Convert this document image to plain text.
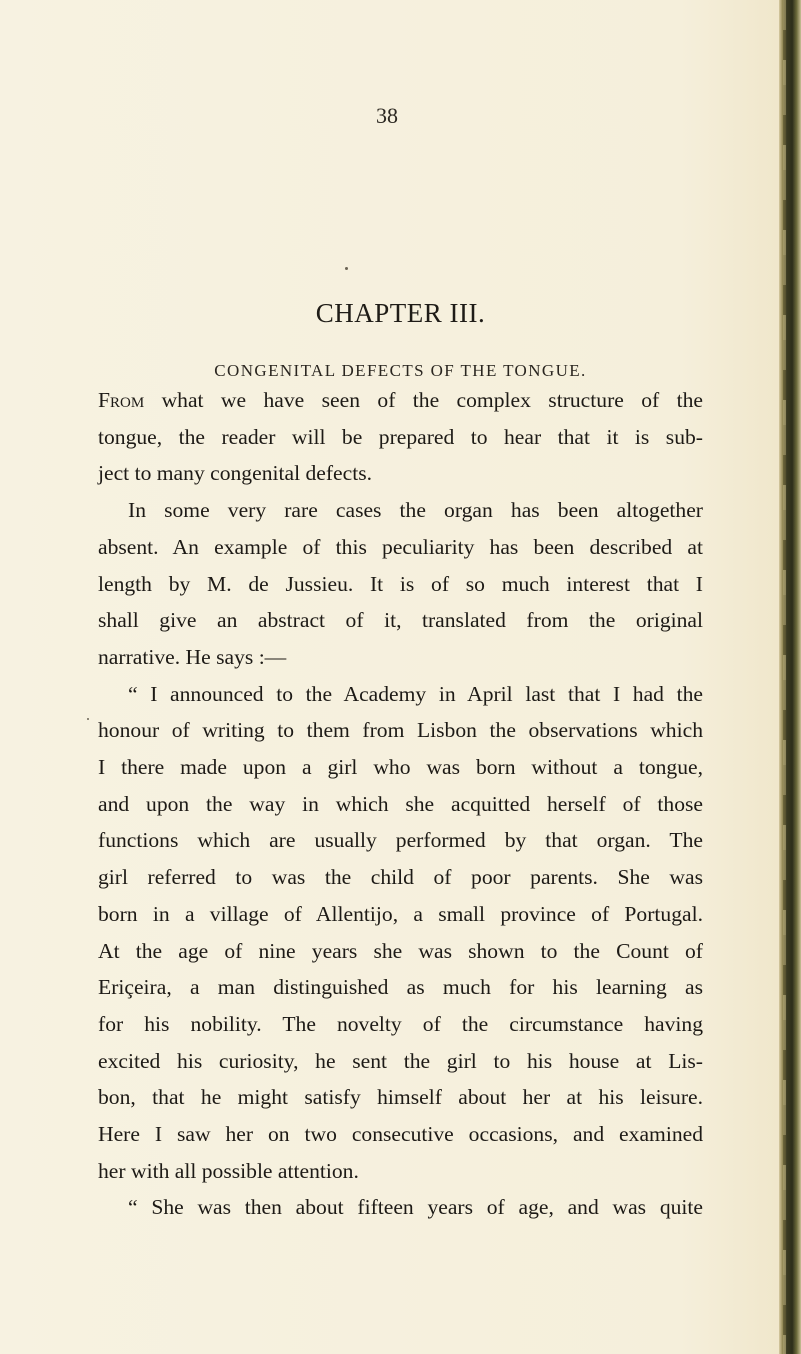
38
CHAPTER III.
CONGENITAL DEFECTS OF THE TONGUE.
From what we have seen of the complex structure of the
tongue, the reader will be prepared to hear that it is sub-
ject to many congenital defects.
In some very rare cases the organ has been altogether
absent. An example of this peculiarity has been described at
length by M. de Jussieu. It is of so much interest that I
shall give an abstract of it, translated from the original
narrative. He says :—
“ I announced to the Academy in April last that I had the
honour of writing to them from Lisbon the observations which
I there made upon a girl who was born without a tongue,
and upon the way in which she acquitted herself of those
functions which are usually performed by that organ. The
girl referred to was the child of poor parents. She was
born in a village of Allentijo, a small province of Portugal.
At the age of nine years she was shown to the Count of
Eriçeira, a man distinguished as much for his learning as
for his nobility. The novelty of the circumstance having
excited his curiosity, he sent the girl to his house at Lis-
bon, that he might satisfy himself about her at his leisure.
Here I saw her on two consecutive occasions, and examined
her with all possible attention.
“ She was then about fifteen years of age, and was quite
